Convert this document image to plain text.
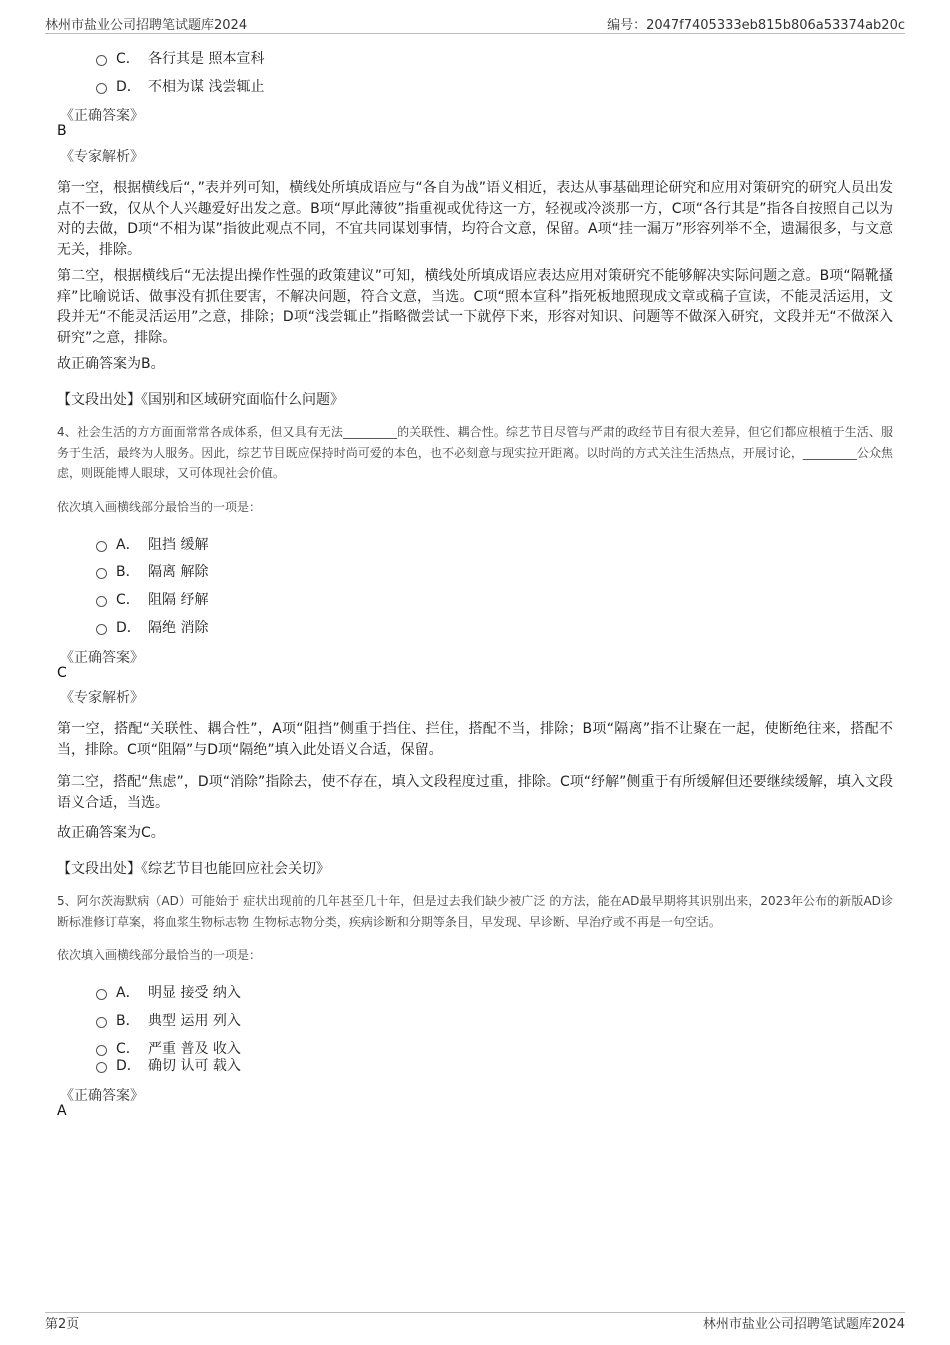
林州市盐业公司招聘笔试题库2024	编号：2047f7405333eb815b806a53374ab20c
C． 各行其是 照本宣科
D． 不相为谋 浅尝辄止
《正确答案》
B
《专家解析》
第一空，根据横线后“，”表并列可知，横线处所填成语应与“各自为战”语义相近，表达从事基础理论研究和应用对策研究的研究人员出发点不一致，仅从个人兴趣爱好出发之意。B项“厚此薄彼”指重视或优待这一方，轻视或冷淡那一方，C项“各行其是”指各自按照自己以为对的去做，D项“不相为谋”指彼此观点不同，不宜共同谋划事情，均符合文意，保留。A项“挂一漏万”形容列举不全，遗漏很多，与文意无关，排除。
第二空，根据横线后“无法提出操作性强的政策建议”可知，横线处所填成语应表达应用对策研究不能够解决实际问题之意。B项“隔靴搔痒”比喻说话、做事没有抓住要害，不解决问题，符合文意，当选。C项“照本宣科”指死板地照现成文章或稿子宣读，不能灵活运用，文段并无“不能灵活运用”之意，排除；D项“浅尝辄止”指略微尝试一下就停下来，形容对知识、问题等不做深入研究，文段并无“不做深入研究”之意，排除。
故正确答案为B。
【文段出处】《国别和区域研究面临什么问题》
4、社会生活的方方面面常常各成体系，但又具有无法_________的关联性、耦合性。综艺节目尽管与严肃的政经节目有很大差异，但它们都应根植于生活、服务于生活，最终为人服务。因此，综艺节目既应保持时尚可爱的本色，也不必刻意与现实拉开距离。以时尚的方式关注生活热点，开展讨论，_________公众焦虑，则既能博人眼球，又可体现社会价值。
依次填入画横线部分最恰当的一项是：
A． 阻挡 缓解
B． 隔离 解除
C． 阻隔 纾解
D． 隔绝 消除
《正确答案》
C
《专家解析》
第一空，搭配“关联性、耦合性”，A项“阻挡”侧重于挡住、拦住，搭配不当，排除；B项“隔离”指不让聚在一起，使断绝往来，搭配不当，排除。C项“阻隔”与D项“隔绝”填入此处语义合适，保留。
第二空，搭配“焦虑”，D项“消除”指除去，使不存在，填入文段程度过重，排除。C项“纾解”侧重于有所缓解但还要继续缓解，填入文段语义合适，当选。
故正确答案为C。
【文段出处】《综艺节目也能回应社会关切》
5、阿尔茨海默病（AD）可能始于 症状出现前的几年甚至几十年，但是过去我们缺少被广泛 的方法，能在AD最早期将其识别出来，2023年公布的新版AD诊断标准修订草案，将血浆生物标志物 生物标志物分类，疾病诊断和分期等条目，早发现、早诊断、早治疗或不再是一句空话。
依次填入画横线部分最恰当的一项是：
A． 明显 接受 纳入
B． 典型 运用 列入
C． 严重 普及 收入
D． 确切 认可 载入
《正确答案》
A
第2页	林州市盐业公司招聘笔试题库2024
